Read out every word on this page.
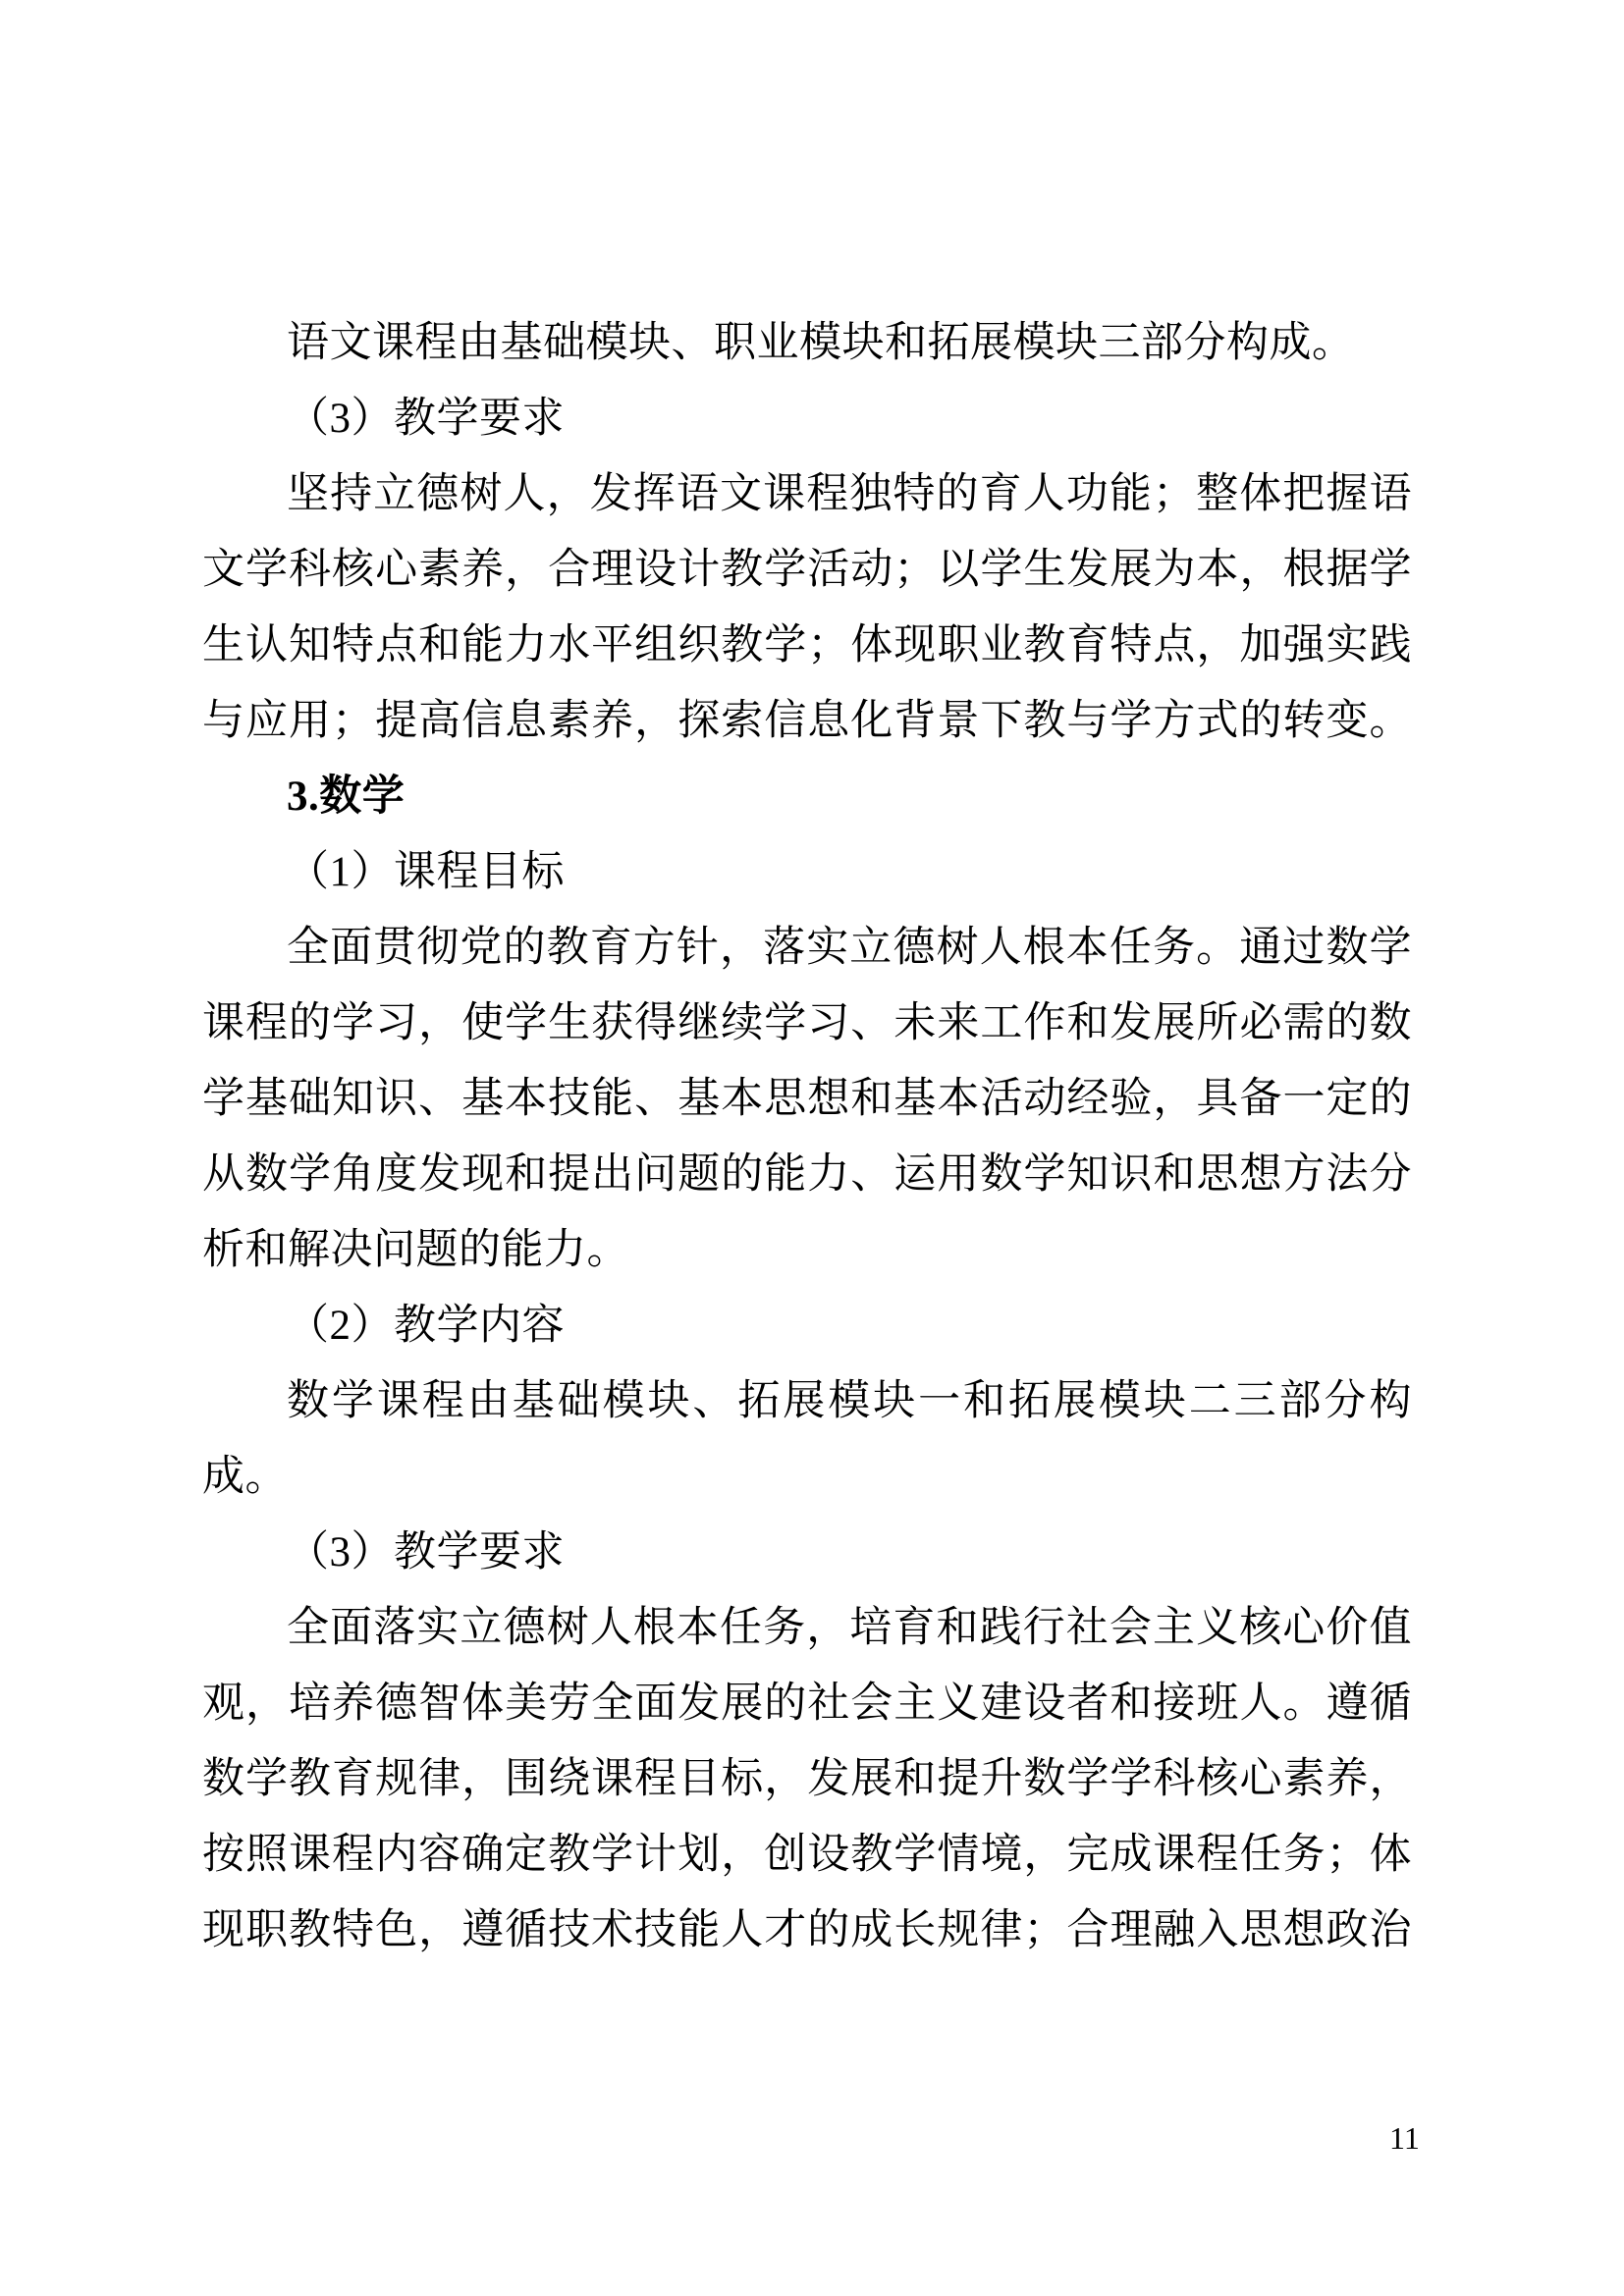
语文课程由基础模块、职业模块和拓展模块三部分构成。
（3）教学要求
坚持立德树人，发挥语文课程独特的育人功能；整体把握语
文学科核心素养，合理设计教学活动；以学生发展为本，根据学
生认知特点和能力水平组织教学；体现职业教育特点，加强实践
与应用；提高信息素养，探索信息化背景下教与学方式的转变。
3.数学
（1）课程目标
全面贯彻党的教育方针，落实立德树人根本任务。通过数学
课程的学习，使学生获得继续学习、未来工作和发展所必需的数
学基础知识、基本技能、基本思想和基本活动经验，具备一定的
从数学角度发现和提出问题的能力、运用数学知识和思想方法分
析和解决问题的能力。
（2）教学内容
数学课程由基础模块、拓展模块一和拓展模块二三部分构
成。
（3）教学要求
全面落实立德树人根本任务，培育和践行社会主义核心价值
观，培养德智体美劳全面发展的社会主义建设者和接班人。遵循
数学教育规律，围绕课程目标，发展和提升数学学科核心素养，
按照课程内容确定教学计划，创设教学情境，完成课程任务；体
现职教特色，遵循技术技能人才的成长规律；合理融入思想政治
11
